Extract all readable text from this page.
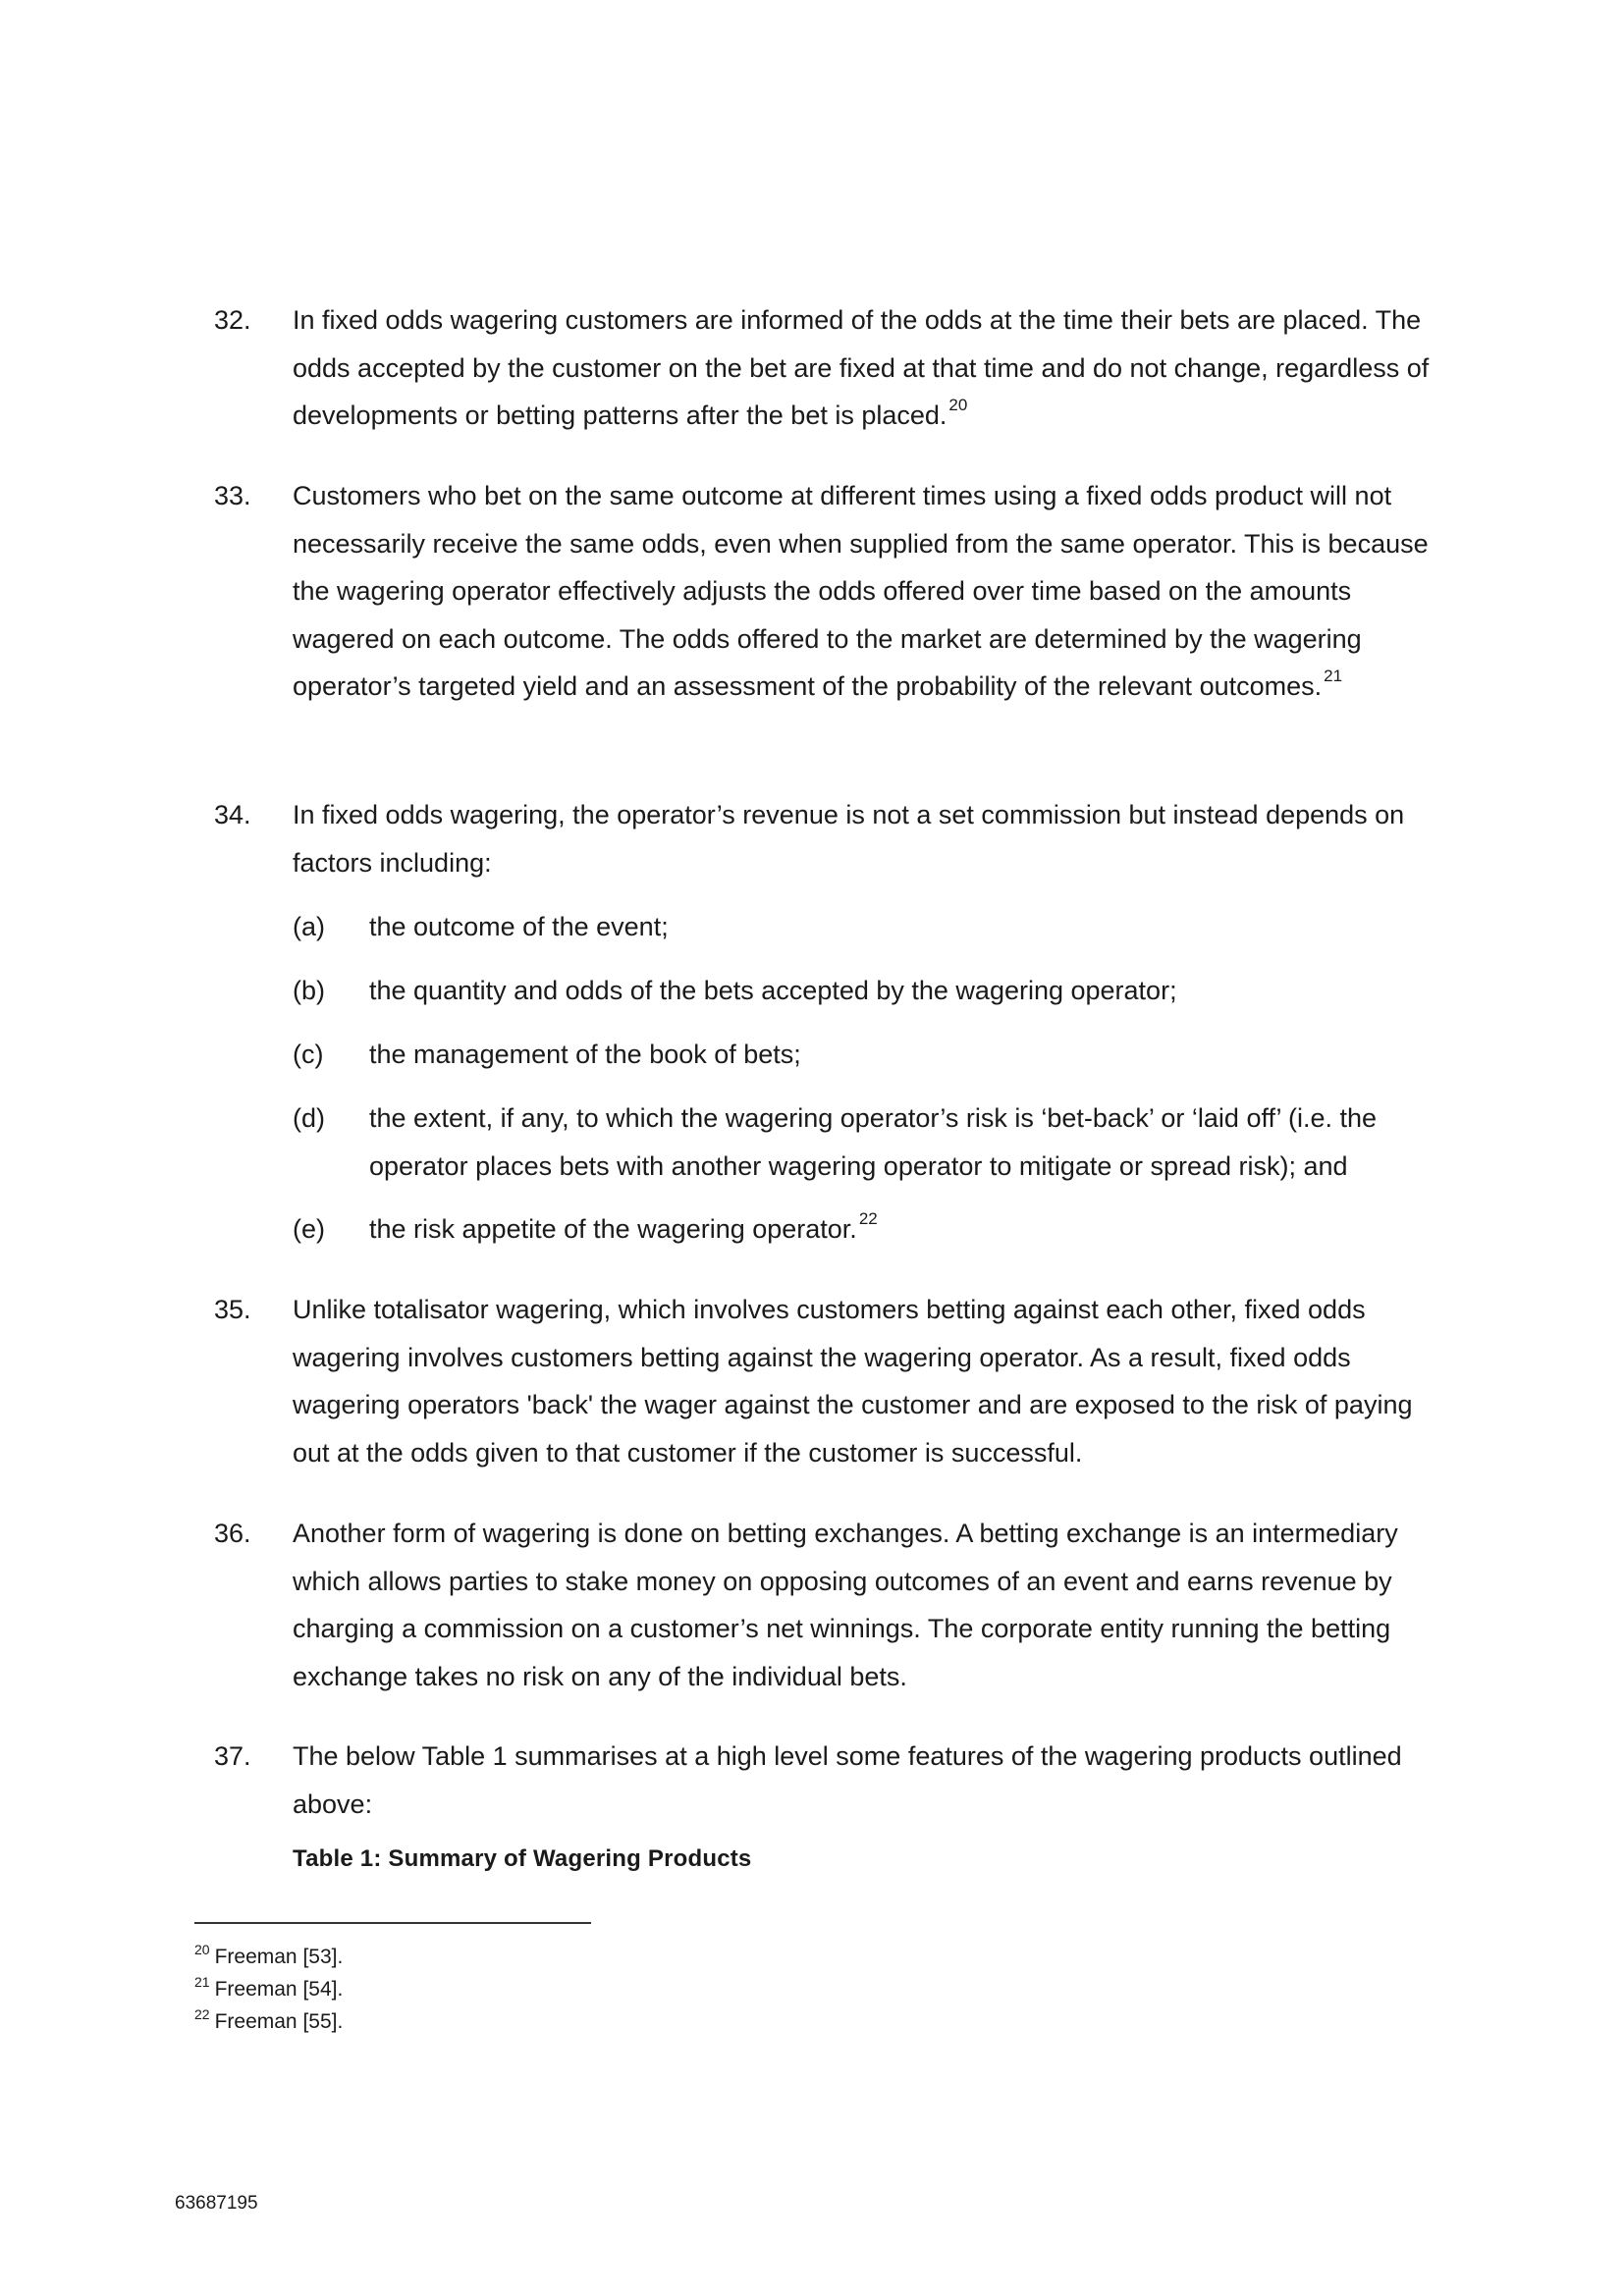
32. In fixed odds wagering customers are informed of the odds at the time their bets are placed. The odds accepted by the customer on the bet are fixed at that time and do not change, regardless of developments or betting patterns after the bet is placed. $^{20}$
33. Customers who bet on the same outcome at different times using a fixed odds product will not necessarily receive the same odds, even when supplied from the same operator. This is because the wagering operator effectively adjusts the odds offered over time based on the amounts wagered on each outcome. The odds offered to the market are determined by the wagering operator’s targeted yield and an assessment of the probability of the relevant outcomes. $^{21}$
34. In fixed odds wagering, the operator’s revenue is not a set commission but instead depends on factors including:
(a) the outcome of the event;
(b) the quantity and odds of the bets accepted by the wagering operator;
(c) the management of the book of bets;
(d) the extent, if any, to which the wagering operator’s risk is ‘bet-back’ or ‘laid off’ (i.e. the operator places bets with another wagering operator to mitigate or spread risk); and
(e) the risk appetite of the wagering operator. $^{22}$
35. Unlike totalisator wagering, which involves customers betting against each other, fixed odds wagering involves customers betting against the wagering operator. As a result, fixed odds wagering operators 'back' the wager against the customer and are exposed to the risk of paying out at the odds given to that customer if the customer is successful.
36. Another form of wagering is done on betting exchanges. A betting exchange is an intermediary which allows parties to stake money on opposing outcomes of an event and earns revenue by charging a commission on a customer’s net winnings. The corporate entity running the betting exchange takes no risk on any of the individual bets.
37. The below Table 1 summarises at a high level some features of the wagering products outlined above:
Table 1: Summary of Wagering Products
$^{20}$ Freeman [53].
$^{21}$ Freeman [54].
$^{22}$ Freeman [55].
63687195
